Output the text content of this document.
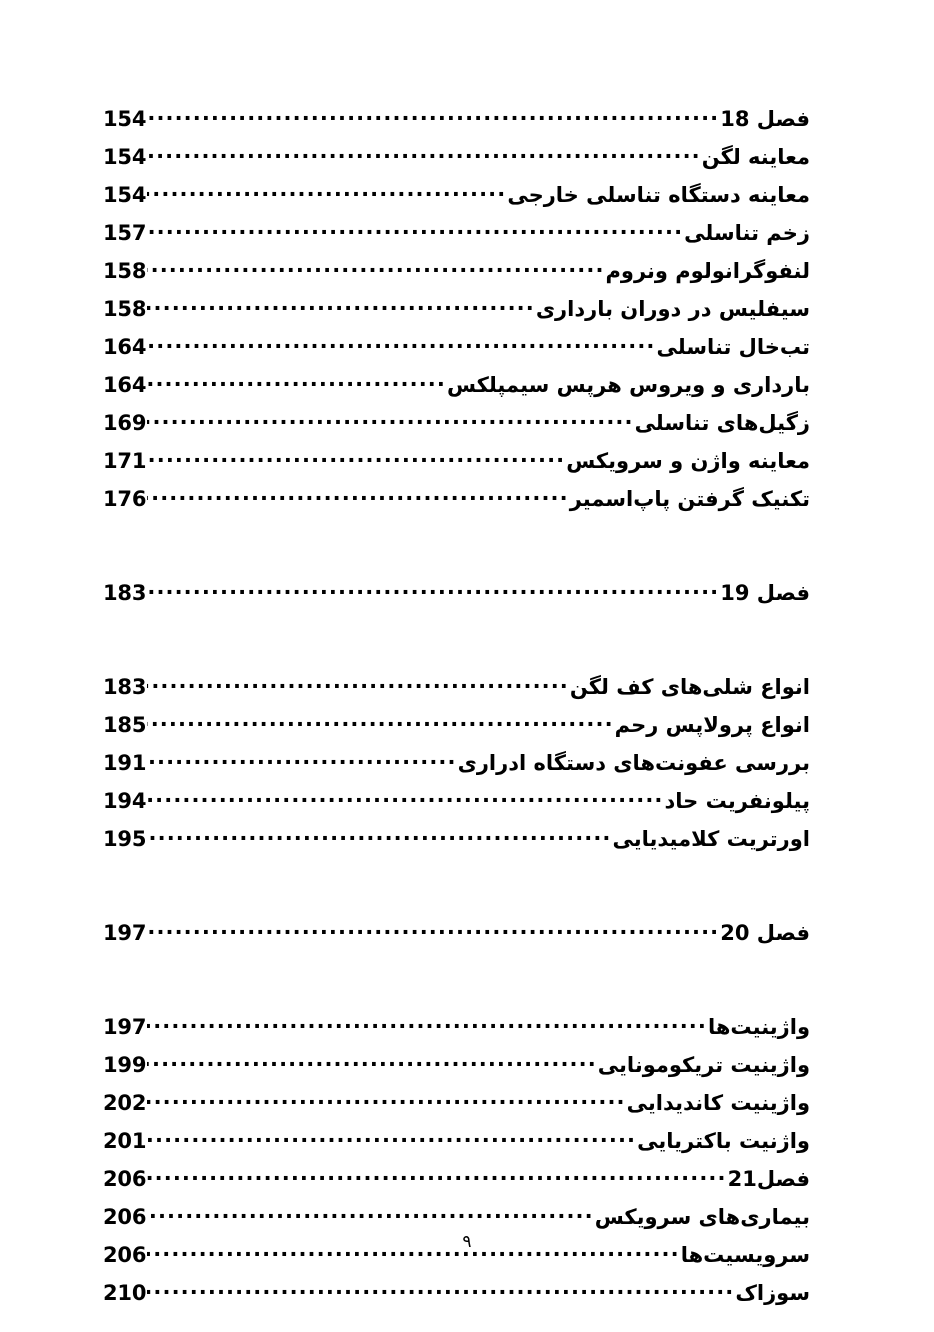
154 .....	فصل 18
154 .....	معاینه لگن
154 .....	معاینه دستگاه تناسلی خارجی
157 .....	زخم تناسلی
158 .....	لنفوگرانولوم ونروم
158 .....	سیفلیس در دوران بارداری
164 .....	تب‌خال تناسلی
164 .....	بارداری و ویروس هرپس سیمپلکس
169 .....	زگیل‌های تناسلی
171 .....	معاینه واژن و سرویکس
176 .....	تکنیک گرفتن پاپ‌اسمیر
183 .....	فصل 19
183 .....	انواع شلی‌های کف لگن
185 .....	انواع پرولاپس رحم
191 .....	بررسی عفونت‌های دستگاه ادراری
194 .....	پیلونفریت حاد
195 .....	اورتریت کلامیدیایی
197 .....	فصل 20
197 .....	واژینیت‌ها
199 .....	واژینیت تریکومونایی
202 .....	واژینیت کاندیدایی
201 .....	واژنیت باکتریایی
206 .....	فصل21
206 .....	بیماری‌های سرویکس
206 .....	سرویسیت‌ها
210 .....	سوزاک
۹
